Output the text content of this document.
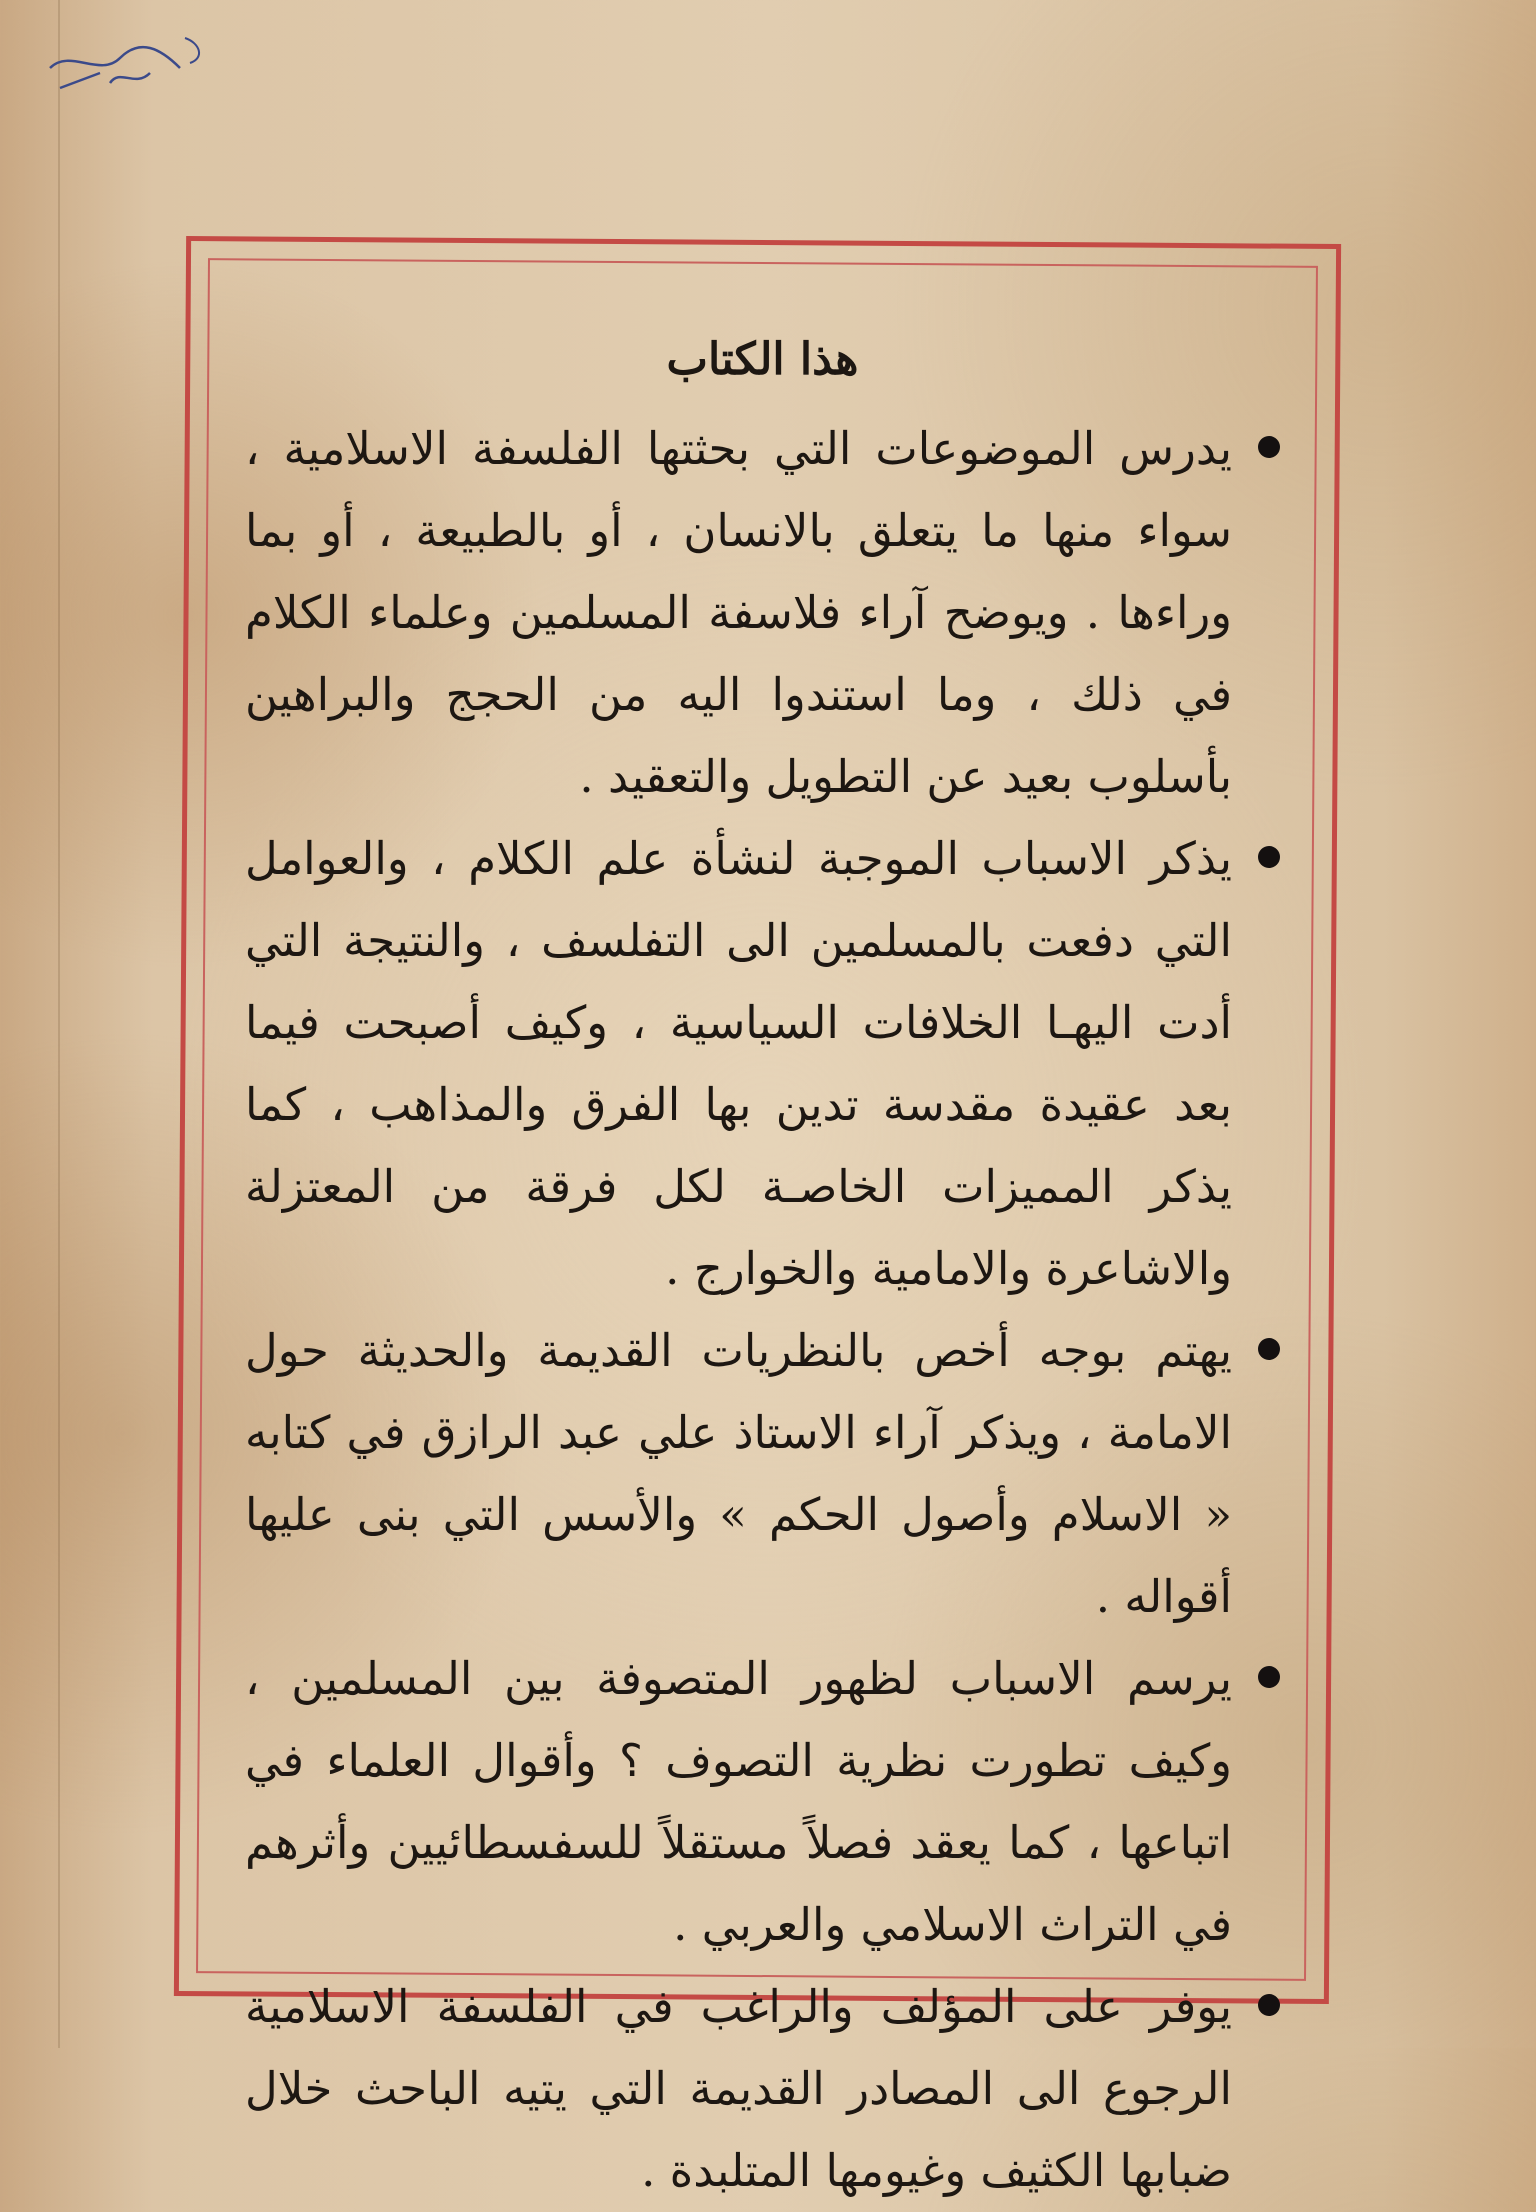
هذا الكتاب
يدرس الموضوعات التي بحثتها الفلسفة الاسلامية ، سواء منها ما يتعلق بالانسان ، أو بالطبيعة ، أو بما وراءها . ويوضح آراء فلاسفة المسلمين وعلماء الكلام في ذلك ، وما استندوا اليه من الحجج والبراهين بأسلوب بعيد عن التطويل والتعقيد .
يذكر الاسباب الموجبة لنشأة علم الكلام ، والعوامل التي دفعت بالمسلمين الى التفلسف ، والنتيجة التي أدت اليهـا الخلافات السياسية ، وكيف أصبحت فيما بعد عقيدة مقدسة تدين بها الفرق والمذاهب ، كما يذكر المميزات الخاصـة لكل فرقة من المعتزلة والاشاعرة والامامية والخوارج .
يهتم بوجه أخص بالنظريات القديمة والحديثة حول الامامة ، ويذكر آراء الاستاذ علي عبد الرازق في كتابه « الاسلام وأصول الحكم » والأسس التي بنى عليها أقواله .
يرسم الاسباب لظهور المتصوفة بين المسلمين ، وكيف تطورت نظرية التصوف ؟ وأقوال العلماء في اتباعها ، كما يعقد فصلاً مستقلاً للسفسطائيين وأثرهم في التراث الاسلامي والعربي .
يوفر على المؤلف والراغب في الفلسفة الاسلامية الرجوع الى المصادر القديمة التي يتيه الباحث خلال ضبابها الكثيف وغيومها المتلبدة .
